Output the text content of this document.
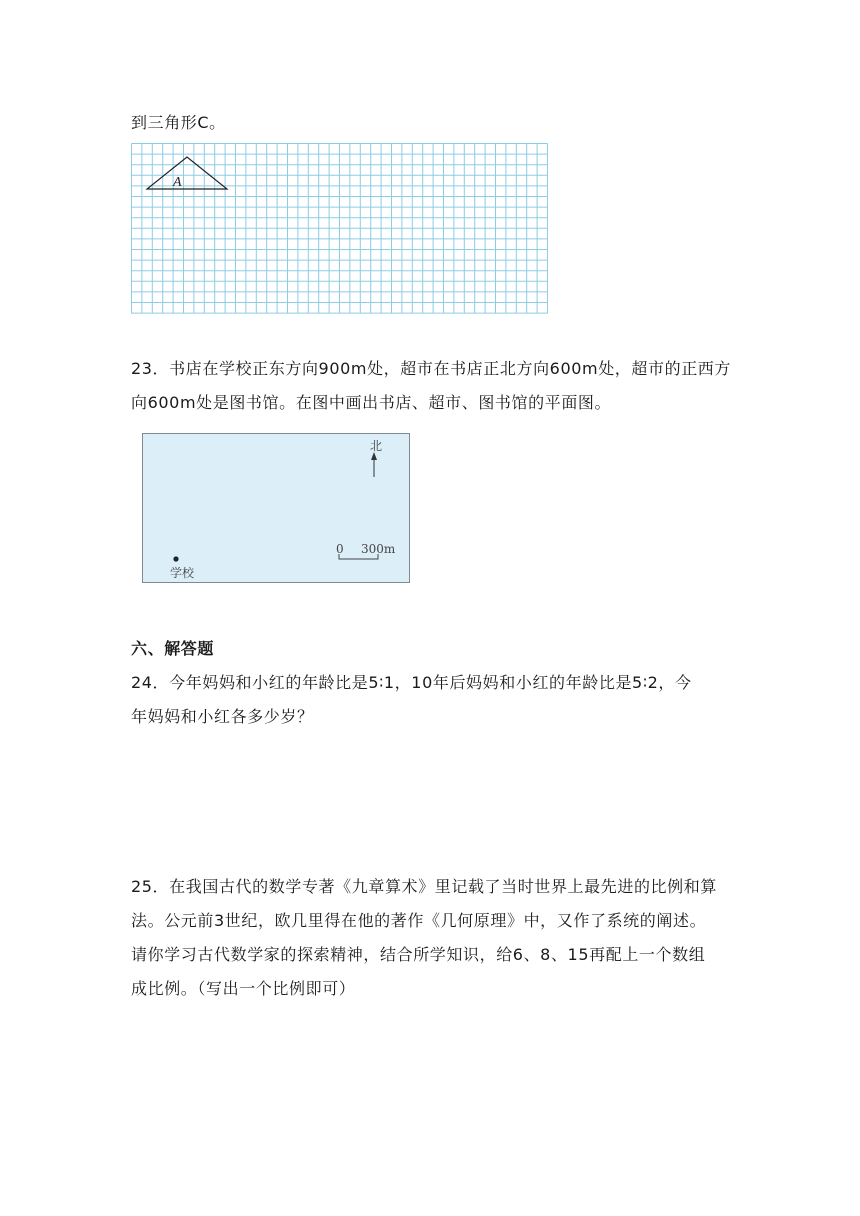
到三角形C。
A
23．书店在学校正东方向900m处，超市在书店正北方向600m处，超市的正西方
向600m处是图书馆。在图中画出书店、超市、图书馆的平面图。
北
0 300m
学校
六、解答题
24．今年妈妈和小红的年龄比是5∶1，10年后妈妈和小红的年龄比是5∶2，今
年妈妈和小红各多少岁？
25．在我国古代的数学专著《九章算术》里记载了当时世界上最先进的比例和算
法。公元前3世纪，欧几里得在他的著作《几何原理》中，又作了系统的阐述。
请你学习古代数学家的探索精神，结合所学知识，给6、8、15再配上一个数组
成比例。（写出一个比例即可）
